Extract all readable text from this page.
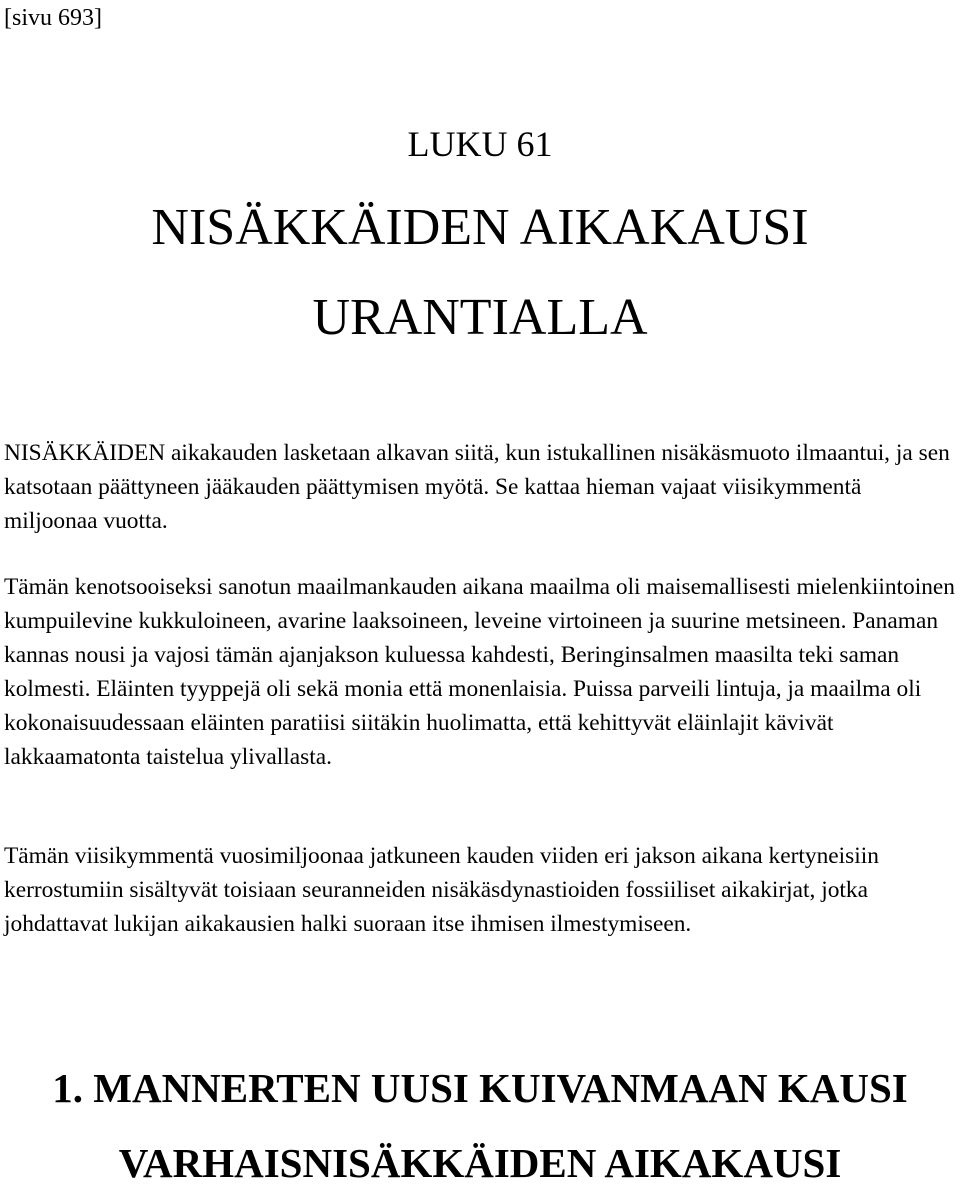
[sivu 693]
LUKU 61
NISÄKKÄIDEN AIKAKAUSI
URANTIALLA

NISÄKKÄIDEN aikakauden lasketaan alkavan siitä, kun istukallinen nisäkäsmuoto ilmaantui, ja sen katsotaan päättyneen jääkauden päättymisen myötä. Se kattaa hieman vajaat viisikymmentä miljoonaa vuotta.

Tämän kenotsooiseksi sanotun maailmankauden aikana maailma oli maisemallisesti mielenkiintoinen kumpuilevine kukkuloineen, avarine laaksoineen, leveine virtoineen ja suurine metsineen. Panaman kannas nousi ja vajosi tämän ajanjakson kuluessa kahdesti, Beringinsalmen maasilta teki saman kolmesti. Eläinten tyyppejä oli sekä monia että monenlaisia. Puissa parveili lintuja, ja maailma oli kokonaisuudessaan eläinten paratiisi siitäkin huolimatta, että kehittyvät eläinlajit kävivät lakkaamatonta taistelua ylivallasta.

Tämän viisikymmentä vuosimiljoonaa jatkuneen kauden viiden eri jakson aikana kertyneisiin kerrostumiin sisältyvät toisiaan seuranneiden nisäkäsdynastioiden fossiiliset aikakirjat, jotka johdattavat lukijan aikakausien halki suoraan itse ihmisen ilmestymiseen.

1. MANNERTEN UUSI KUIVANMAAN KAUSI
VARHAISNISÄKKÄIDEN AIKAKAUSI
